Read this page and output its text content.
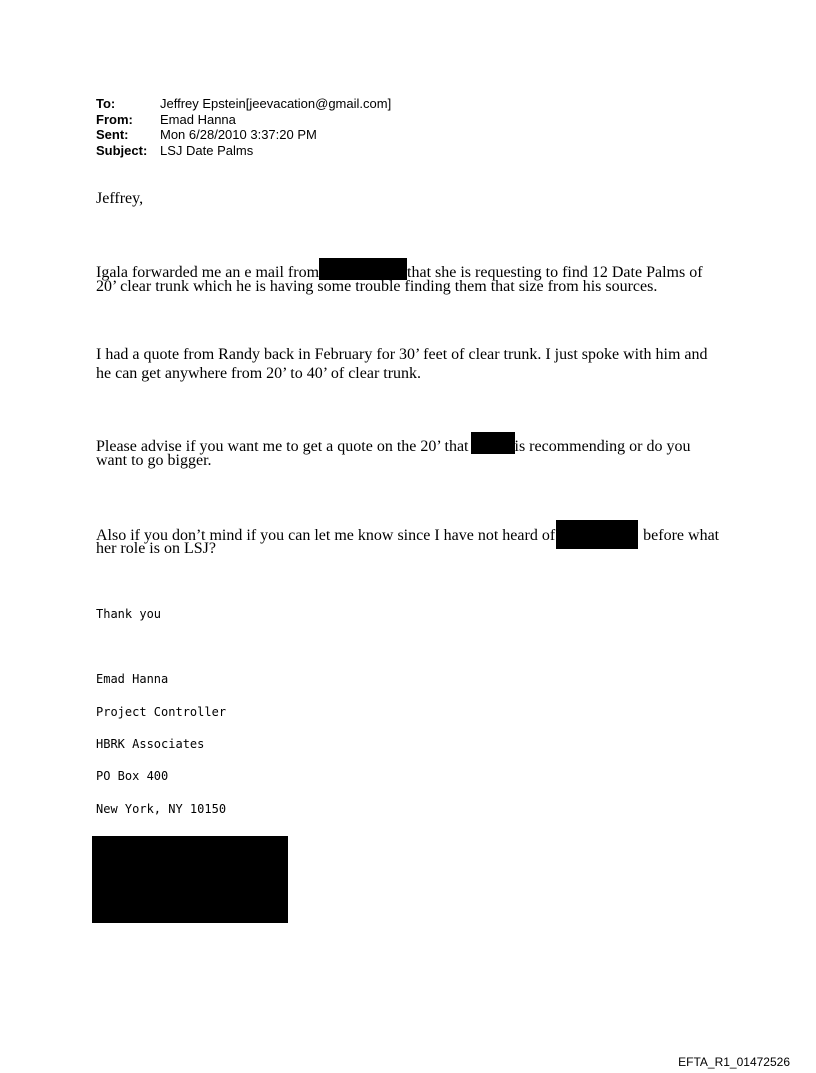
To:	Jeffrey Epstein[jeevacation@gmail.com]
From:	Emad Hanna
Sent:	Mon 6/28/2010 3:37:20 PM
Subject: LSJ Date Palms
Jeffrey,
Igala forwarded me an e mail from	that she is requesting to find 12 Date Palms of
20’ clear trunk which he is having some trouble finding them that size from his sources.
I had a quote from Randy back in February for 30’ feet of clear trunk. I just spoke with him and
he can get anywhere from 20’ to 40’ of clear trunk.
Please advise if you want me to get a quote on the 20’ that	is recommending or do you
want to go bigger.
Also if you don’t mind if you can let me know since I have not heard of	before what
her role is on LSJ?
Thank you
Emad Hanna
Project Controller
HBRK Associates
PO Box 400
New York, NY 10150
EFTA_R1_01472526
